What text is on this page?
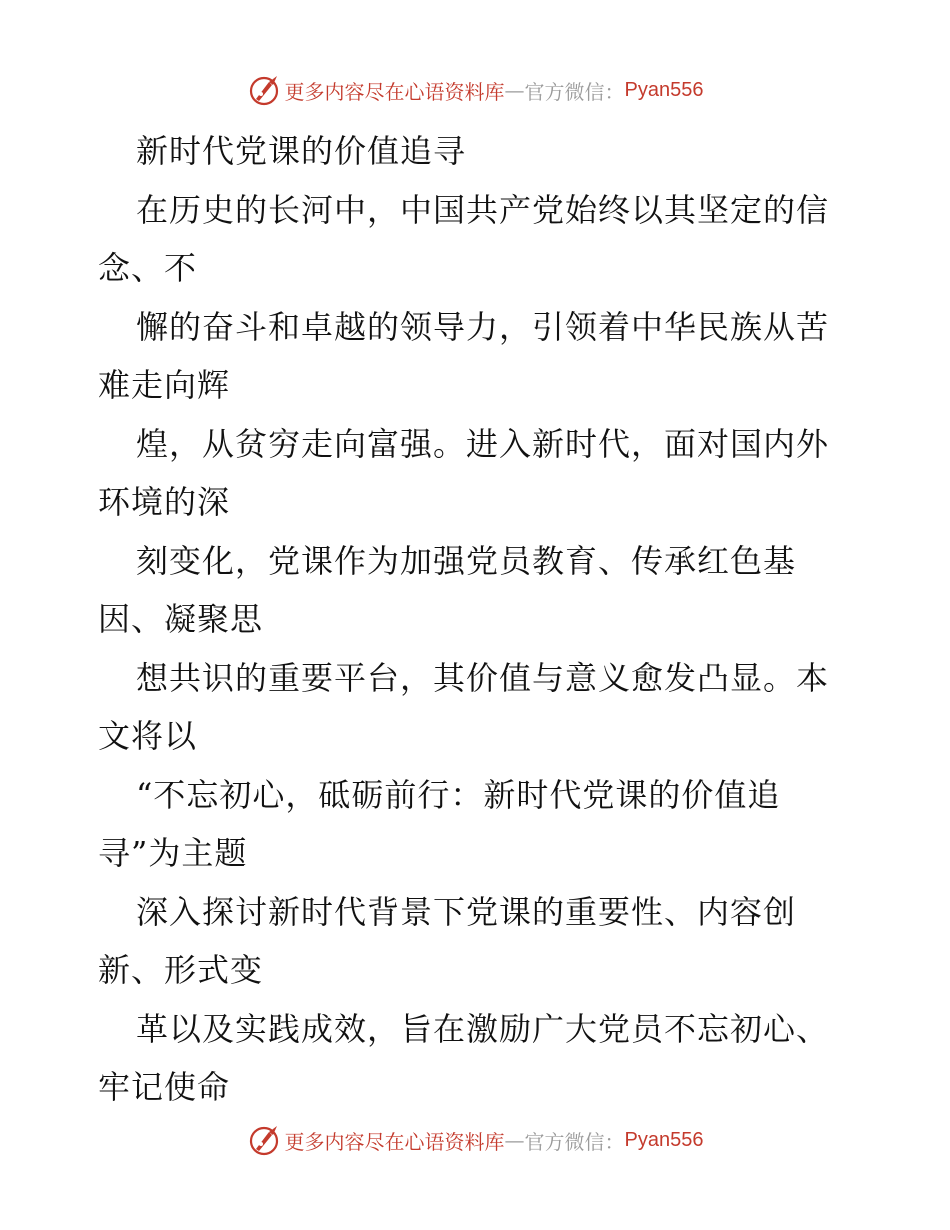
更多内容尽在心语资料库 — 官方微信： Pyan556
新时代党课的价值追寻
在历史的长河中，中国共产党始终以其坚定的信
念、不
懈的奋斗和卓越的领导力，引领着中华民族从苦
难走向辉
煌，从贫穷走向富强。进入新时代，面对国内外
环境的深
刻变化，党课作为加强党员教育、传承红色基
因、凝聚思
想共识的重要平台，其价值与意义愈发凸显。本
文将以
“不忘初心，砥砺前行：新时代党课的价值追
寻”为主题
深入探讨新时代背景下党课的重要性、内容创
新、形式变
革以及实践成效，旨在激励广大党员不忘初心、
牢记使命
更多内容尽在心语资料库 — 官方微信： Pyan556
